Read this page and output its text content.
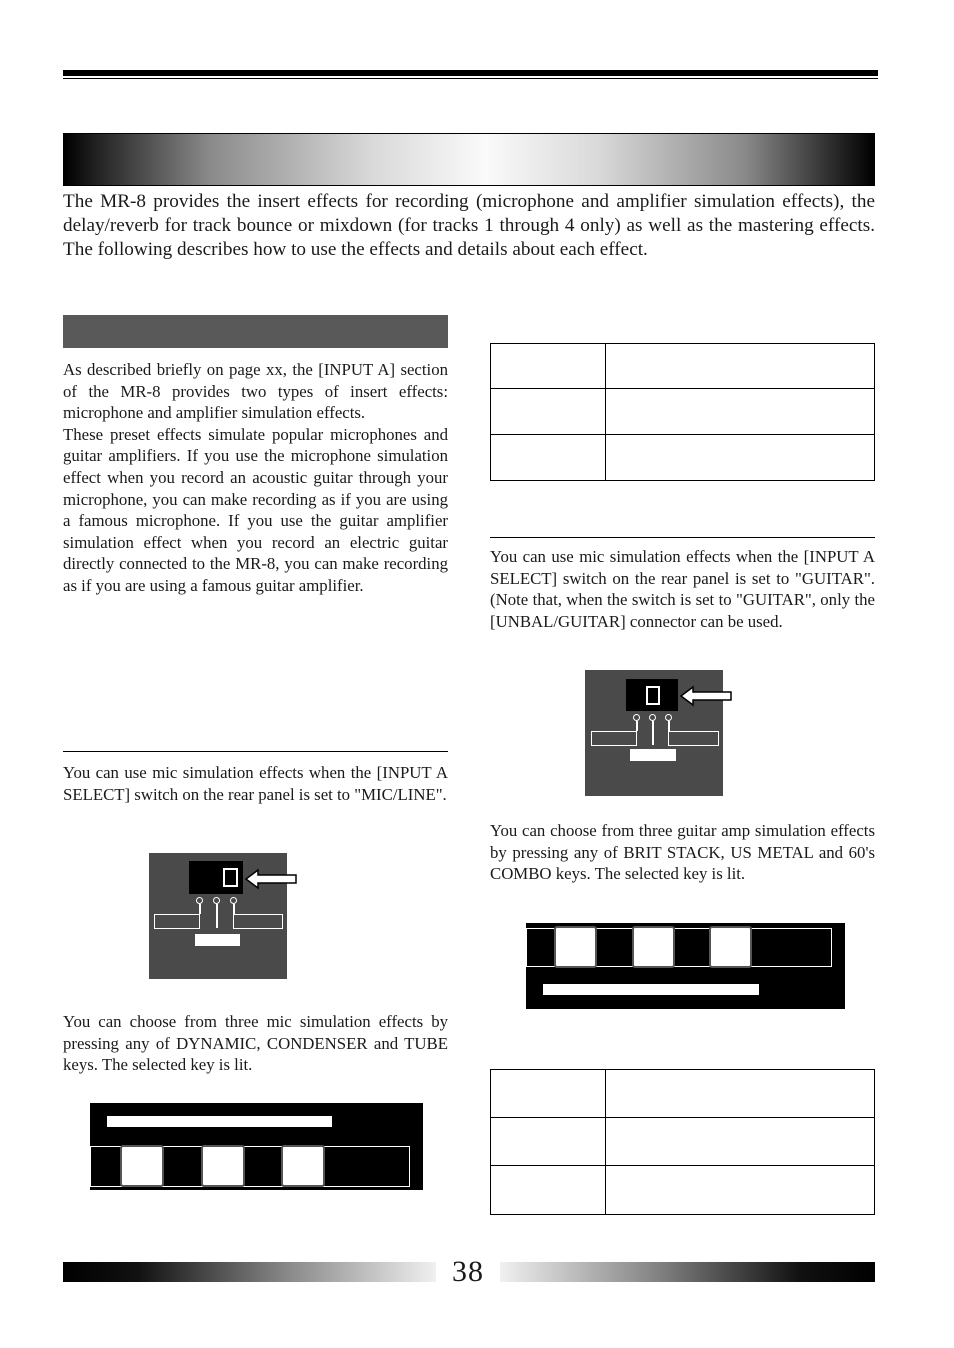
The MR-8 provides the insert effects for recording (microphone and amplifier simulation effects), the delay/reverb for track bounce or mixdown (for tracks 1 through 4 only) as well as the mastering effects. The following describes how to use the effects and details about each effect.

As described briefly on page xx, the [INPUT A] section of the MR-8 provides two types of insert effects: microphone and amplifier simulation effects.

These preset effects simulate popular microphones and guitar amplifiers. If you use the microphone simulation effect when you record an acoustic guitar through your microphone, you can make recording as if you are using a famous microphone. If you use the guitar amplifier simulation effect when you record an electric guitar directly connected to the MR-8, you can make recording as if you are using a famous guitar amplifier.

You can use mic simulation effects when the [INPUT A SELECT] switch on the rear panel is set to "MIC/LINE".

You can choose from three mic simulation effects by pressing any of DYNAMIC, CONDENSER and TUBE keys. The selected key is lit.

You can use mic simulation effects when the [INPUT A SELECT] switch on the rear panel is set to "GUITAR". (Note that, when the switch is set to "GUITAR", only the [UNBAL/GUITAR] connector can be used.

You can choose from three guitar amp simulation effects by pressing any of BRIT STACK, US METAL and 60's COMBO keys. The selected key is lit.

38
